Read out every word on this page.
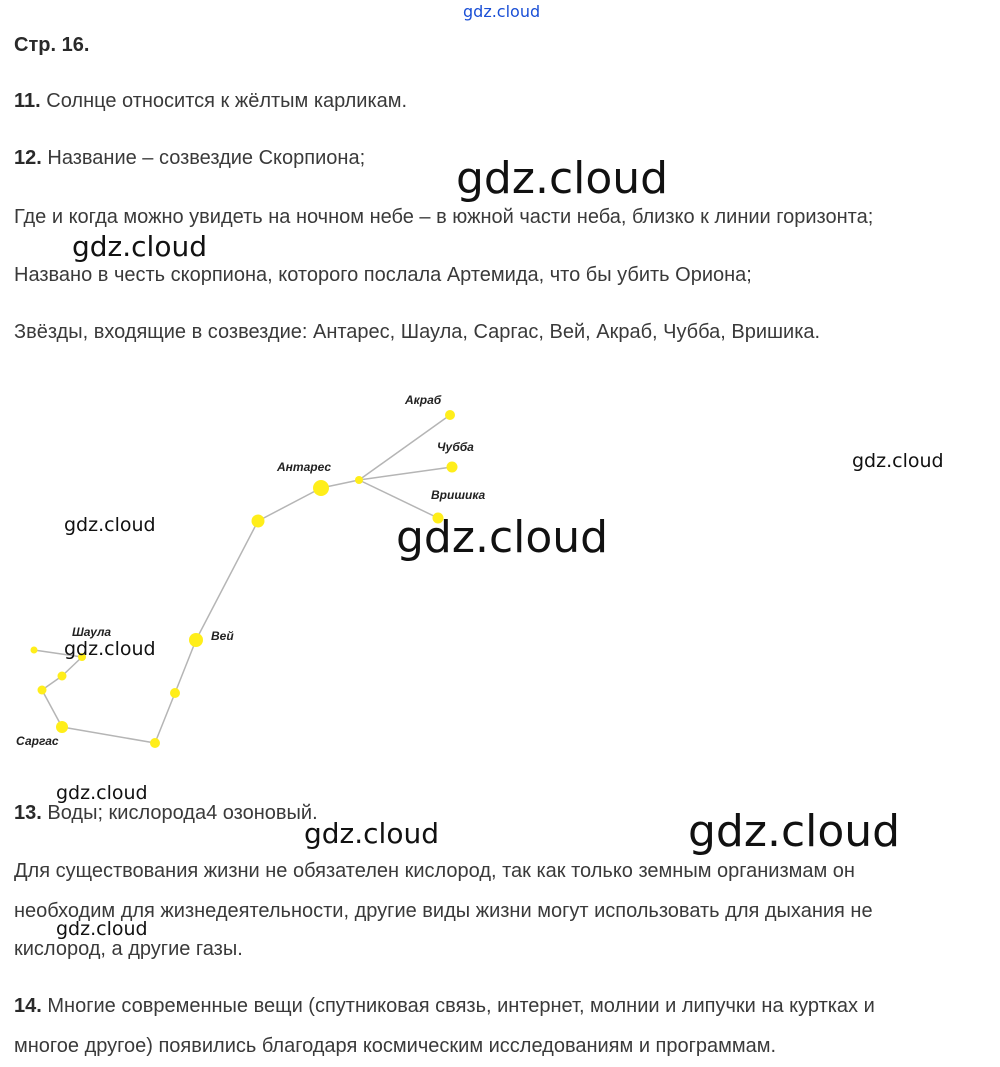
gdz.cloud
Стр. 16.
11. Солнце относится к жёлтым карликам.
12. Название – созвездие Скорпиона;
Где и когда можно увидеть на ночном небе – в южной части неба, близко к линии горизонта;
Названо в честь скорпиона, которого послала Артемида, что бы убить Ориона;
Звёзды, входящие в созвездие: Антарес, Шаула, Саргас, Вей, Акраб, Чубба, Вришика.
Акраб
Чубба
Антарес
Вришика
Вей
Шаула
Саргас
13. Воды; кислорода4 озоновый.
Для существования жизни не обязателен кислород, так как только земным организмам он
необходим для жизнедеятельности, другие виды жизни могут использовать для дыхания не
кислород, а другие газы.
14. Многие современные вещи (спутниковая связь, интернет, молнии и липучки на куртках и
многое другое) появились благодаря космическим исследованиям и программам.
gdz.cloud
gdz.cloud
gdz.cloud
gdz.cloud	gdz.cloud
gdz.cloud
gdz.cloud
gdz.cloud	gdz.cloud
gdz.cloud
